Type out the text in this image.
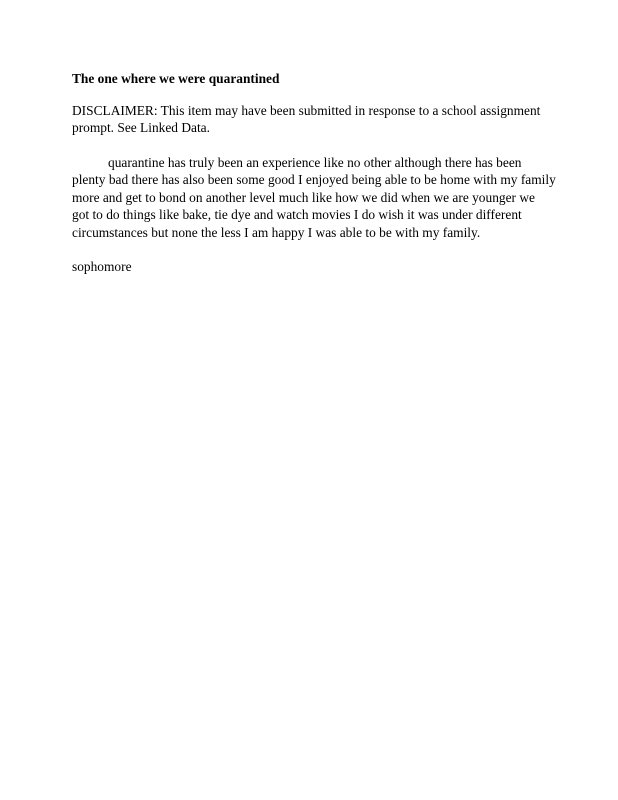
The one where we were quarantined
DISCLAIMER: This item may have been submitted in response to a school assignment
prompt. See Linked Data.
quarantine has truly been an experience like no other although there has been
plenty bad there has also been some good I enjoyed being able to be home with my family
more and get to bond on another level much like how we did when we are younger we
got to do things like bake, tie dye and watch movies I do wish it was under different
circumstances but none the less I am happy I was able to be with my family.
sophomore
